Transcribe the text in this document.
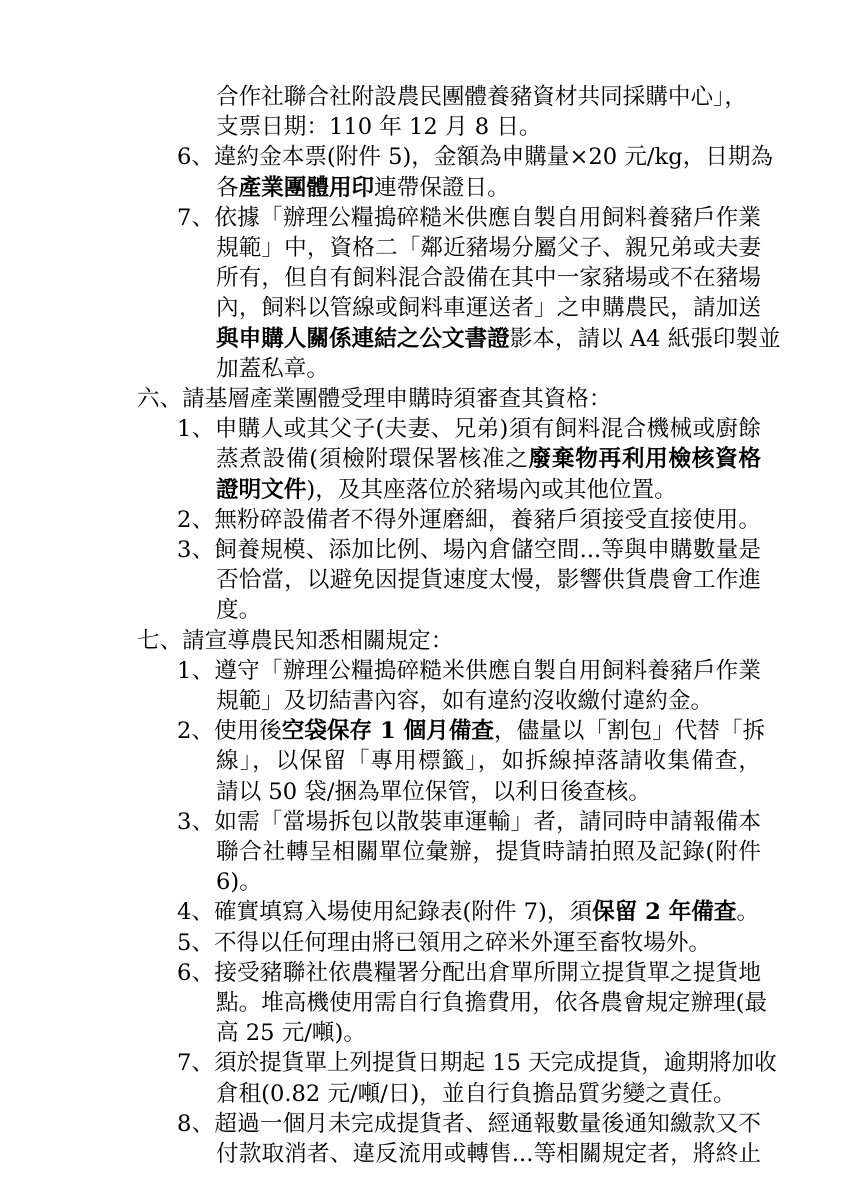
合作社聯合社附設農民團體養豬資材共同採購中心」，
支票日期：110 年 12 月 8 日。
6、違約金本票(附件 5)，金額為申購量×20 元/kg，日期為
各產業團體用印連帶保證日。
7、依據「辦理公糧搗碎糙米供應自製自用飼料養豬戶作業
規範」中，資格二「鄰近豬場分屬父子、親兄弟或夫妻
所有，但自有飼料混合設備在其中一家豬場或不在豬場
內，飼料以管線或飼料車運送者」之申購農民，請加送
與申購人關係連結之公文書證影本，請以 A4 紙張印製並
加蓋私章。
六、請基層產業團體受理申購時須審查其資格：
1、申購人或其父子(夫妻、兄弟)須有飼料混合機械或廚餘
蒸煮設備(須檢附環保署核准之廢棄物再利用檢核資格
證明文件)，及其座落位於豬場內或其他位置。
2、無粉碎設備者不得外運磨細，養豬戶須接受直接使用。
3、飼養規模、添加比例、場內倉儲空間...等與申購數量是
否恰當，以避免因提貨速度太慢，影響供貨農會工作進
度。
七、請宣導農民知悉相關規定：
1、遵守「辦理公糧搗碎糙米供應自製自用飼料養豬戶作業
規範」及切結書內容，如有違約沒收繳付違約金。
2、使用後空袋保存 1 個月備查，儘量以「割包」代替「拆
線」，以保留「專用標籤」，如拆線掉落請收集備查，
請以 50 袋/捆為單位保管，以利日後查核。
3、如需「當場拆包以散裝車運輸」者，請同時申請報備本
聯合社轉呈相關單位彙辦，提貨時請拍照及記錄(附件
6)。
4、確實填寫入場使用紀錄表(附件 7)，須保留 2 年備查。
5、不得以任何理由將已領用之碎米外運至畜牧場外。
6、接受豬聯社依農糧署分配出倉單所開立提貨單之提貨地
點。堆高機使用需自行負擔費用，依各農會規定辦理(最
高 25 元/噸)。
7、須於提貨單上列提貨日期起 15 天完成提貨，逾期將加收
倉租(0.82 元/噸/日)，並自行負擔品質劣變之責任。
8、超過一個月未完成提貨者、經通報數量後通知繳款又不
付款取消者、違反流用或轉售...等相關規定者，將終止
